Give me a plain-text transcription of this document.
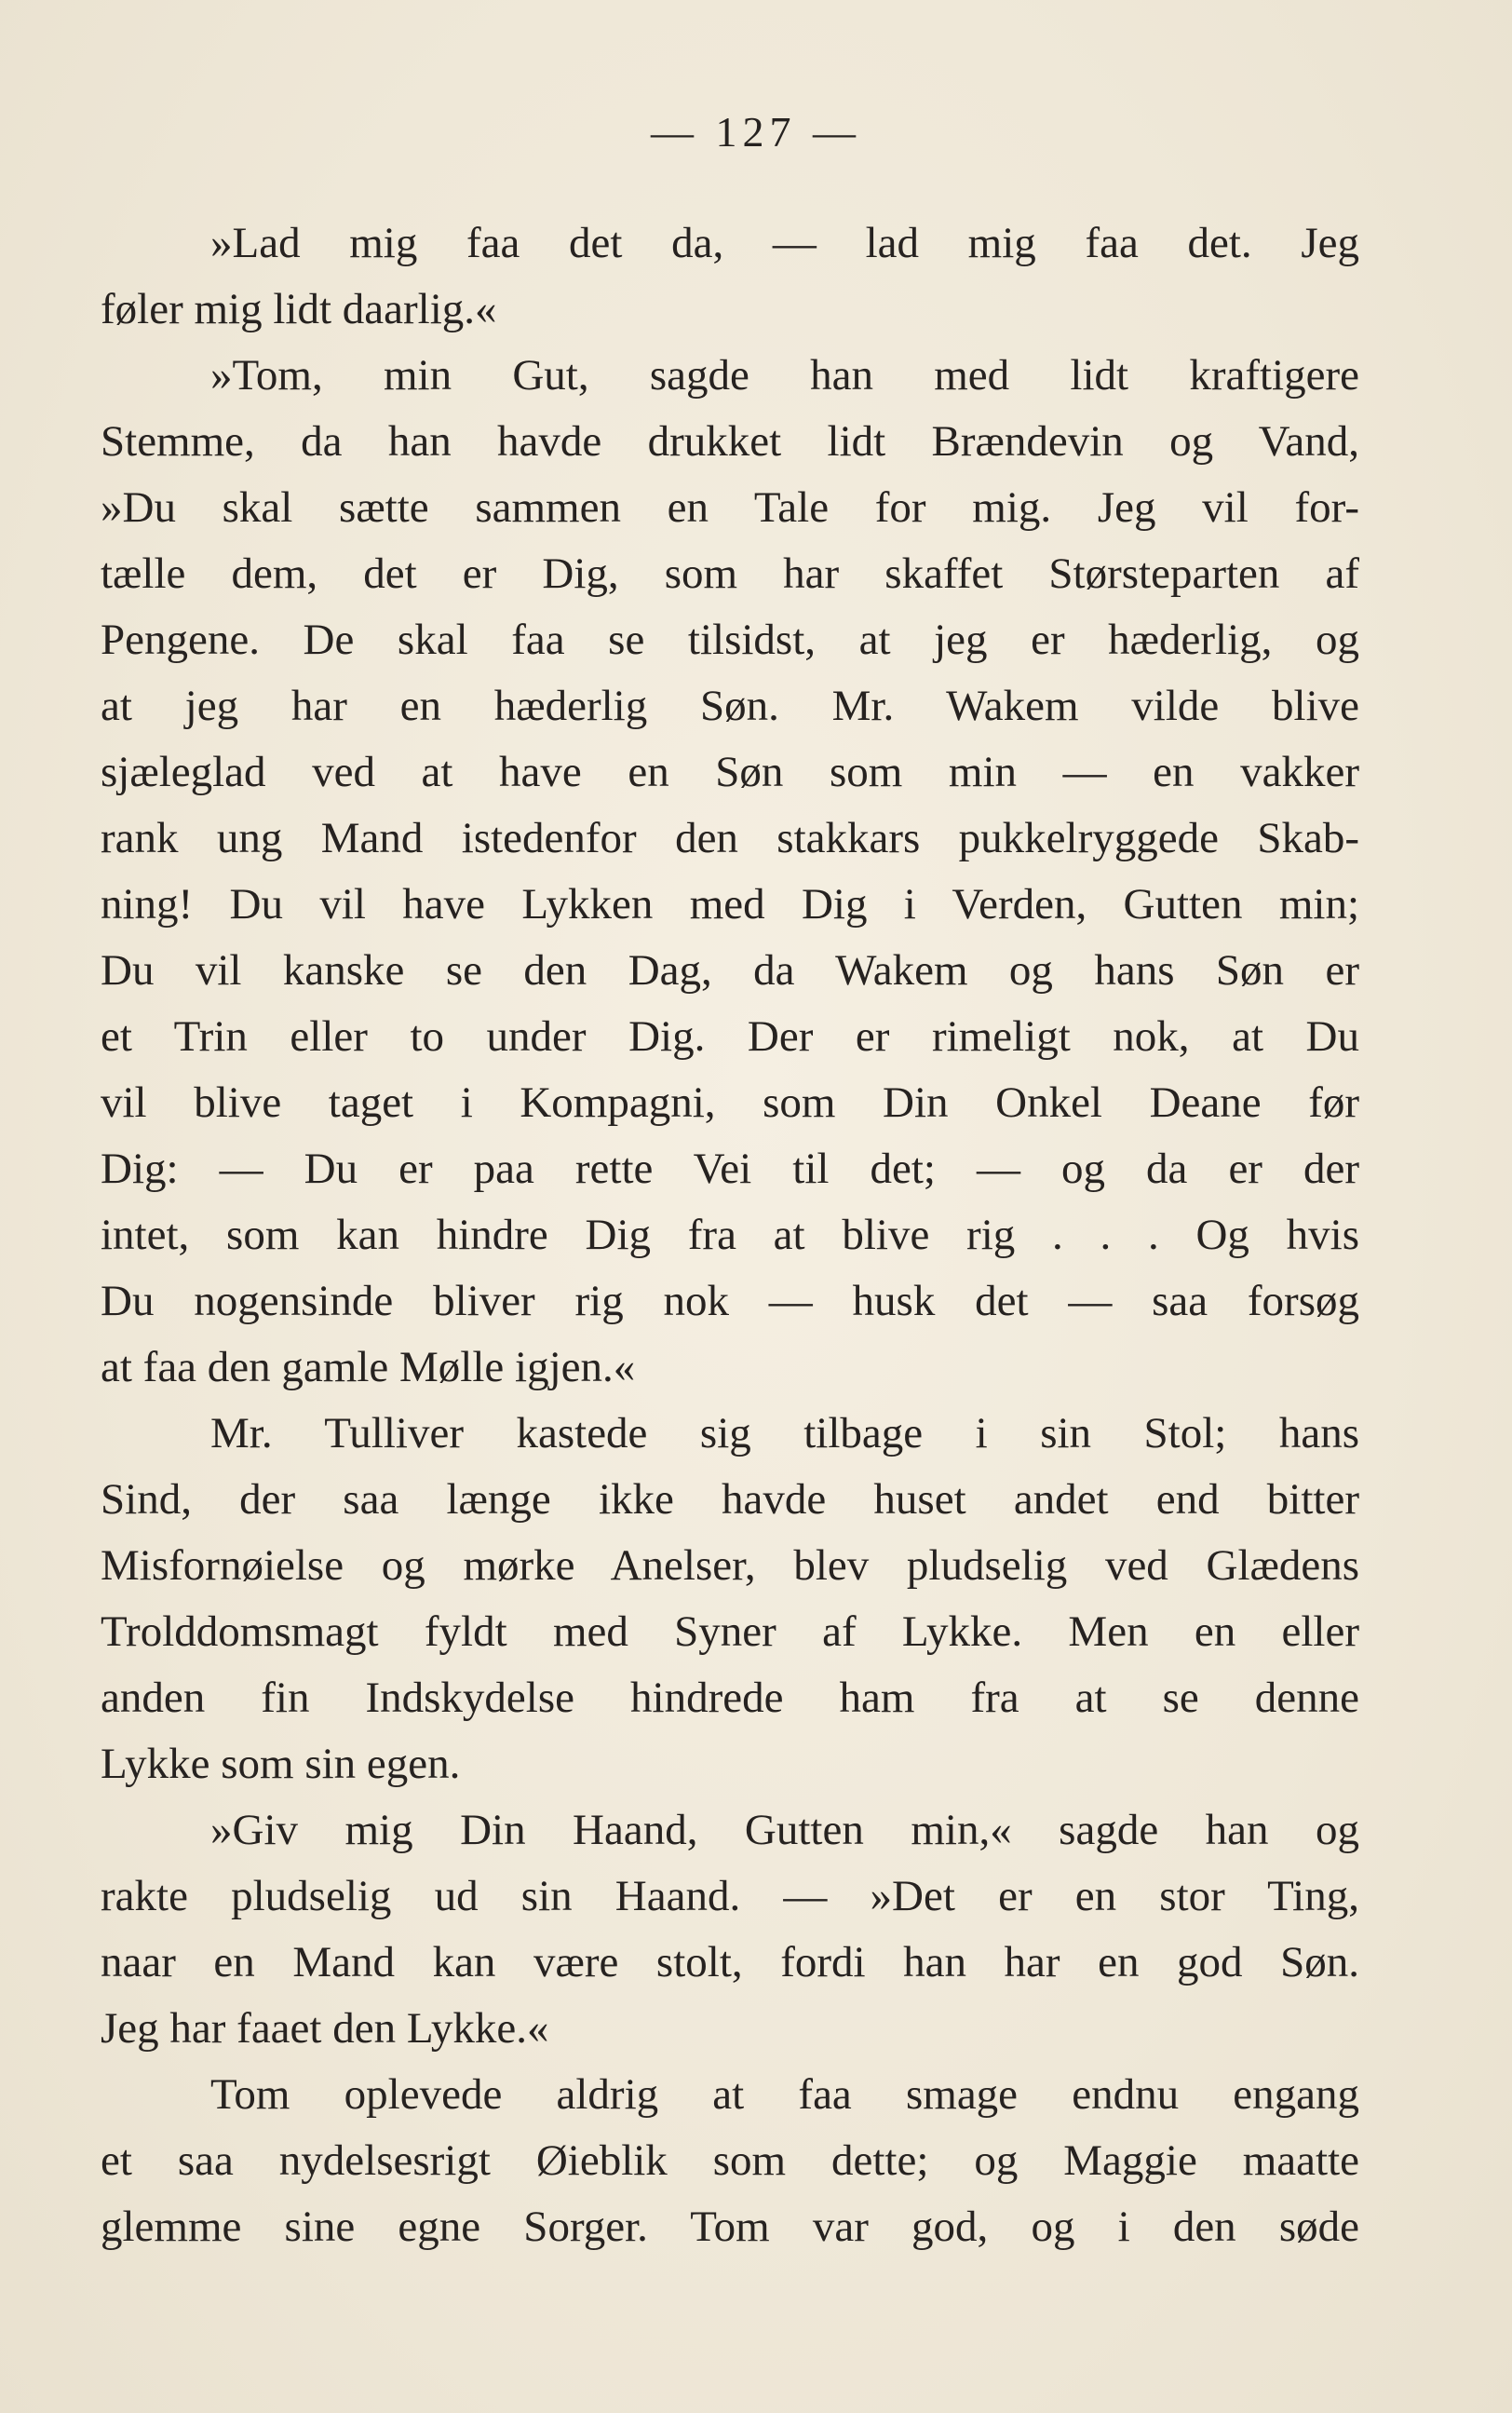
— 127 —
»Lad mig faa det da, — lad mig faa det. Jeg
føler mig lidt daarlig.«
»Tom, min Gut, sagde han med lidt kraftigere
Stemme, da han havde drukket lidt Brændevin og Vand,
»Du skal sætte sammen en Tale for mig. Jeg vil for-
tælle dem, det er Dig, som har skaffet Størsteparten af
Pengene. De skal faa se tilsidst, at jeg er hæderlig, og
at jeg har en hæderlig Søn. Mr. Wakem vilde blive
sjæleglad ved at have en Søn som min — en vakker
rank ung Mand istedenfor den stakkars pukkelryggede Skab-
ning! Du vil have Lykken med Dig i Verden, Gutten min;
Du vil kanske se den Dag, da Wakem og hans Søn er
et Trin eller to under Dig. Der er rimeligt nok, at Du
vil blive taget i Kompagni, som Din Onkel Deane før
Dig: — Du er paa rette Vei til det; — og da er der
intet, som kan hindre Dig fra at blive rig . . . Og hvis
Du nogensinde bliver rig nok — husk det — saa forsøg
at faa den gamle Mølle igjen.«
Mr. Tulliver kastede sig tilbage i sin Stol; hans
Sind, der saa længe ikke havde huset andet end bitter
Misfornøielse og mørke Anelser, blev pludselig ved Glædens
Trolddomsmagt fyldt med Syner af Lykke. Men en eller
anden fin Indskydelse hindrede ham fra at se denne
Lykke som sin egen.
»Giv mig Din Haand, Gutten min,« sagde han og
rakte pludselig ud sin Haand. — »Det er en stor Ting,
naar en Mand kan være stolt, fordi han har en god Søn.
Jeg har faaet den Lykke.«
Tom oplevede aldrig at faa smage endnu engang
et saa nydelsesrigt Øieblik som dette; og Maggie maatte
glemme sine egne Sorger. Tom var god, og i den søde
